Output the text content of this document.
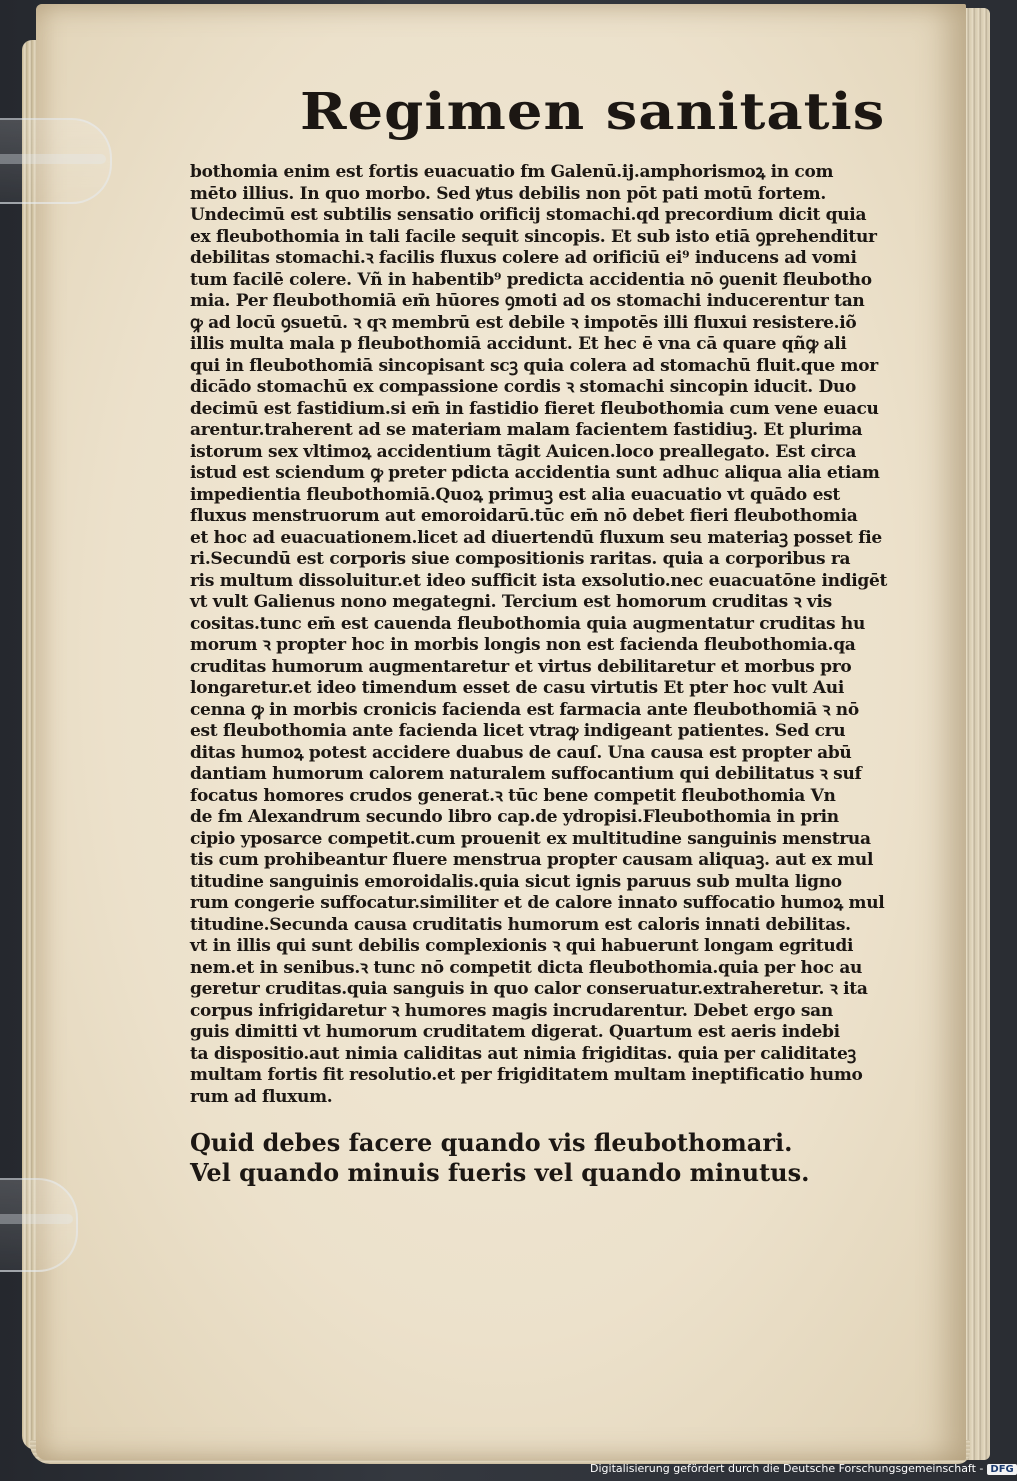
Regimen sanitatis
bothomia enim est fortis euacuatio fm Galenū.ij.amphorismoꝝ in com
mēto illius. In quo morbo. Sed ꝟtus debilis non pōt pati motū fortem.
Undecimū est subtilis sensatio orificij stomachi.qd precordium dicit quia
ex fleubothomia in tali facile sequit sincopis. Et sub isto etiā ꝯprehenditur
debilitas stomachi.ꝛ facilis fluxus colere ad orificiū ei⁹ inducens ad vomi
tum facilē colere. Vñ in habentib⁹ predicta accidentia nō ꝯuenit fleubotho
mia. Per fleubothomiā em̄ hūores ꝯmoti ad os stomachi inducerentur tan
ꝙ ad locū ꝯsuetū. ꝛ qꝛ membrū est debile ꝛ impotēs illi fluxui resistere.iõ
illis multa mala p fleubothomiā accidunt. Et hec ē vna cā quare qñꝙ ali
qui in fleubothomiā sincopisant scꝫ quia colera ad stomachū fluit.que mor
dicādo stomachū ex compassione cordis ꝛ stomachi sincopin iducit. Duo
decimū est fastidium.si em̄ in fastidio fieret fleubothomia cum vene euacu
arentur.traherent ad se materiam malam facientem fastidiuꝫ. Et plurima
istorum sex vltimoꝝ accidentium tāgit Auicen.loco preallegato. Est circa
istud est sciendum ꝙ preter pdicta accidentia sunt adhuc aliqua alia etiam
impedientia fleubothomiā.Quoꝝ primuꝫ est alia euacuatio vt quādo est
fluxus menstruorum aut emoroidarū.tūc em̄ nō debet fieri fleubothomia
et hoc ad euacuationem.licet ad diuertendū fluxum seu materiaꝫ posset fie
ri.Secundū est corporis siue compositionis raritas. quia a corporibus ra
ris multum dissoluitur.et ideo sufficit ista exsolutio.nec euacuatōne indigēt
vt vult Galienus nono megategni. Tercium est homorum cruditas ꝛ vis
cositas.tunc em̄ est cauenda fleubothomia quia augmentatur cruditas hu
morum ꝛ propter hoc in morbis longis non est facienda fleubothomia.qa
cruditas humorum augmentaretur et virtus debilitaretur et morbus pro
longaretur.et ideo timendum esset de casu virtutis Et pter hoc vult Aui
cenna ꝙ in morbis cronicis facienda est farmacia ante fleubothomiā ꝛ nō
est fleubothomia ante facienda licet vtraꝙ indigeant patientes. Sed cru
ditas humoꝝ potest accidere duabus de cauſ. Una causa est propter abū
dantiam humorum calorem naturalem suffocantium qui debilitatus ꝛ suf
focatus homores crudos generat.ꝛ tūc bene competit fleubothomia Vn
de fm Alexandrum secundo libro cap.de ydropisi.Fleubothomia in prin
cipio yposarce competit.cum prouenit ex multitudine sanguinis menstrua
tis cum prohibeantur fluere menstrua propter causam aliquaꝫ. aut ex mul
titudine sanguinis emoroidalis.quia sicut ignis paruus sub multa ligno
rum congerie suffocatur.similiter et de calore innato suffocatio humoꝝ mul
titudine.Secunda causa cruditatis humorum est caloris innati debilitas.
vt in illis qui sunt debilis complexionis ꝛ qui habuerunt longam egritudi
nem.et in senibus.ꝛ tunc nō competit dicta fleubothomia.quia per hoc au
geretur cruditas.quia sanguis in quo calor conseruatur.extraheretur. ꝛ ita
corpus infrigidaretur ꝛ humores magis incrudarentur. Debet ergo san
guis dimitti vt humorum cruditatem digerat. Quartum est aeris indebi
ta dispositio.aut nimia caliditas aut nimia frigiditas. quia per caliditateꝫ
multam fortis fit resolutio.et per frigiditatem multam ineptificatio humo
rum ad fluxum.
Quid debes facere quando vis fleubothomari.
Vel quando minuis fueris vel quando minutus.
Digitalisierung gefördert durch die Deutsche Forschungsgemeinschaft - DFG
